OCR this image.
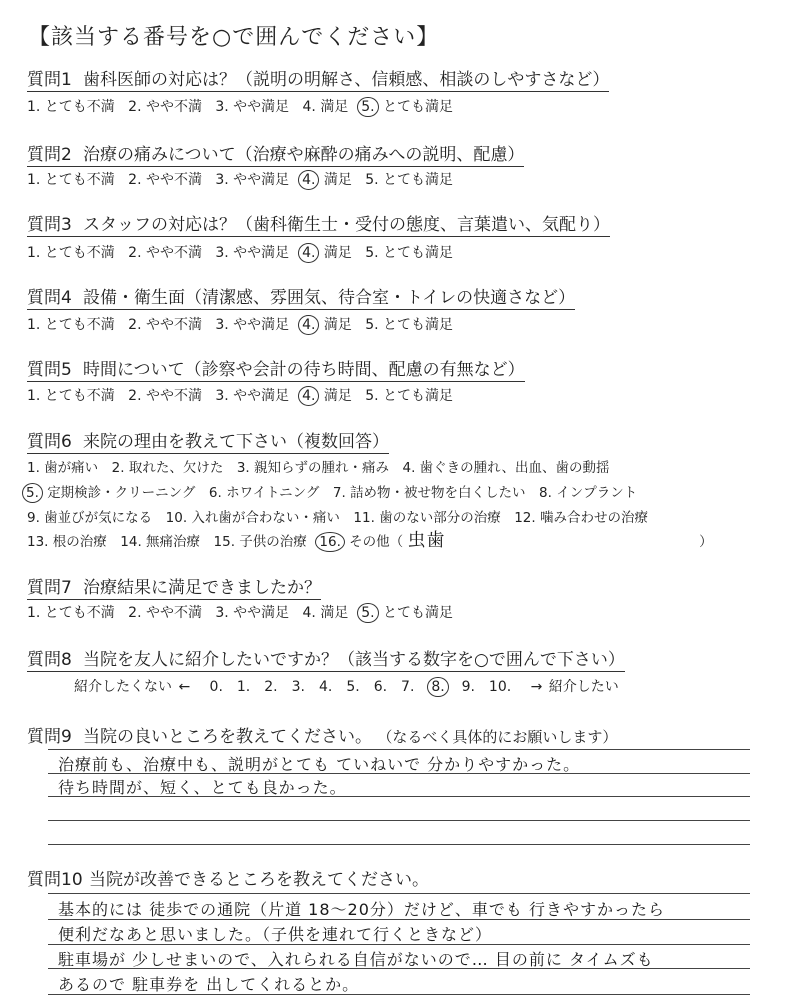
【該当する番号を○で囲んでください】
質問1 歯科医師の対応は？（説明の明解さ、信頼感、相談のしやすさなど）
1. とても不満 2. やや不満 3. やや満足 4. 満足 5. とても満足
質問2 治療の痛みについて（治療や麻酔の痛みへの説明、配慮）
1. とても不満 2. やや不満 3. やや満足 4. 満足 5. とても満足
質問3 スタッフの対応は？（歯科衛生士・受付の態度、言葉遣い、気配り）
1. とても不満 2. やや不満 3. やや満足 4. 満足 5. とても満足
質問4 設備・衛生面（清潔感、雰囲気、待合室・トイレの快適さなど）
1. とても不満 2. やや不満 3. やや満足 4. 満足 5. とても満足
質問5 時間について（診察や会計の待ち時間、配慮の有無など）
1. とても不満 2. やや不満 3. やや満足 4. 満足 5. とても満足
質問6 来院の理由を教えて下さい（複数回答）
1. 歯が痛い　2. 取れた、欠けた　3. 親知らずの腫れ・痛み　4. 歯ぐきの腫れ、出血、歯の動揺
5. 定期検診・クリーニング　6. ホワイトニング　7. 詰め物・被せ物を白くしたい　8. インプラント
9. 歯並びが気になる　10. 入れ歯が合わない・痛い　11. 歯のない部分の治療　12. 噛み合わせの治療
13. 根の治療　14. 無痛治療　15. 子供の治療 16. その他（ 虫歯	）
質問7 治療結果に満足できましたか？
1. とても不満 2. やや不満 3. やや満足 4. 満足 5. とても満足
質問8 当院を友人に紹介したいですか？（該当する数字を○で囲んで下さい）
紹介したくない ← 0.　1.　2.　3.　4.　5.　6.　7. 8. 9.　10. → 紹介したい
質問9 当院の良いところを教えてください。 （なるべく具体的にお願いします）
治療前も、治療中も、説明がとても ていねいで 分かりやすかった。
待ち時間が、短く、とても良かった。
質問10 当院が改善できるところを教えてください。
基本的には 徒歩での通院（片道 18〜20分）だけど、車でも 行きやすかったら
便利だなあと思いました。（子供を連れて行くときなど）
駐車場が 少しせまいので、入れられる自信がないので… 目の前に タイムズも
あるので 駐車券を 出してくれるとか。
